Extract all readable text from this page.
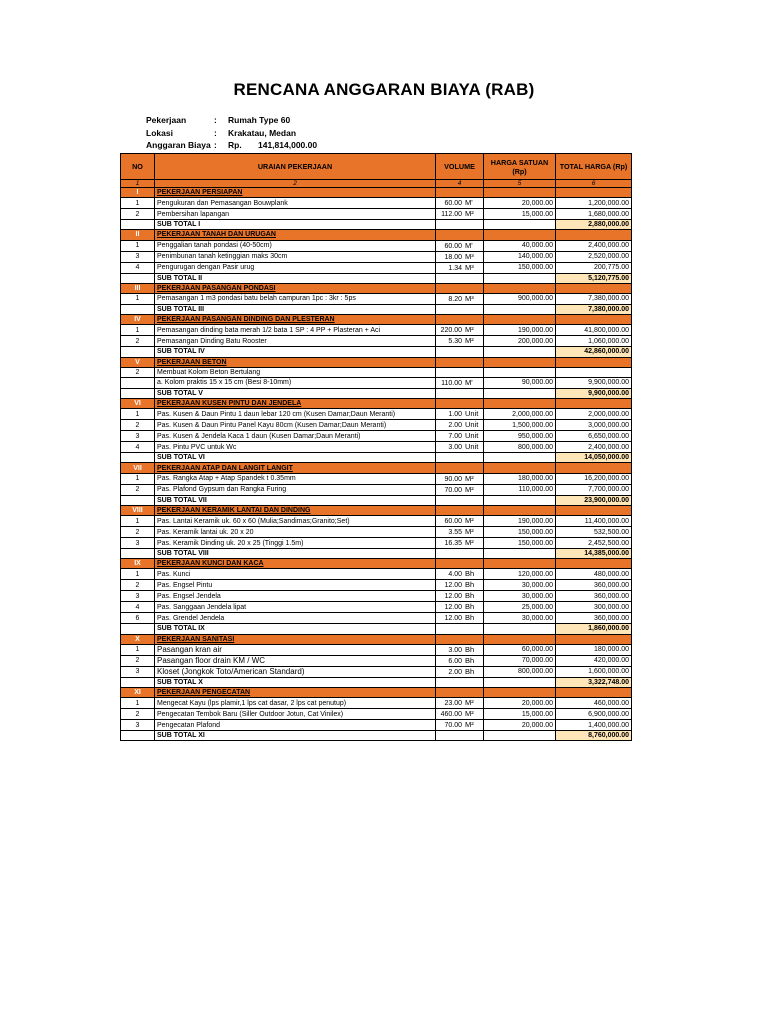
RENCANA ANGGARAN BIAYA (RAB)
Pekerjaan	: Rumah Type 60
Lokasi	: Krakatau, Medan
Anggaran Biaya : Rp. 141,814,000.00
NO	URAIAN PEKERJAAN	VOLUME	HARGA SATUAN (Rp)	TOTAL HARGA (Rp)
1	2	4	5	6
I	PEKERJAAN PERSIAPAN			
1	Pengukuran dan Pemasangan Bouwplank	60.00 M'	20,000.00	1,200,000.00
2	Pembersihan lapangan	112.00 M²	15,000.00	1,680,000.00
	SUB TOTAL I			2,880,000.00
II	PEKERJAAN TANAH DAN URUGAN			
1	Penggalian tanah pondasi (40-50cm)	60.00 M'	40,000.00	2,400,000.00
3	Penimbunan tanah ketinggian maks 30cm	18.00 M³	140,000.00	2,520,000.00
4	Pengurugan dengan Pasir urug	1.34 M³	150,000.00	200,775.00
	SUB TOTAL II			5,120,775.00
III	PEKERJAAN PASANGAN PONDASI			
1	Pemasangan 1 m3 pondasi batu belah campuran 1pc : 3kr : 5ps	8.20 M³	900,000.00	7,380,000.00
	SUB TOTAL III			7,380,000.00
IV	PEKERJAAN PASANGAN DINDING DAN PLESTERAN			
1	Pemasangan dinding bata merah 1/2 bata 1 SP : 4 PP + Plasteran + Aci	220.00 M²	190,000.00	41,800,000.00
2	Pemasangan Dinding Batu Rooster	5.30 M²	200,000.00	1,060,000.00
	SUB TOTAL IV			42,860,000.00
V	PEKERJAAN BETON			
2	Membuat Kolom Beton Bertulang			
	a. Kolom praktis 15 x 15 cm (Besi 8-10mm)	110.00 M'	90,000.00	9,900,000.00
	SUB TOTAL V			9,900,000.00
VI	PEKERJAAN KUSEN PINTU DAN JENDELA			
1	Pas. Kusen & Daun Pintu 1 daun lebar 120 cm (Kusen Damar;Daun Meranti)	1.00 Unit	2,000,000.00	2,000,000.00
2	Pas. Kusen & Daun Pintu Panel Kayu 80cm (Kusen Damar;Daun Meranti)	2.00 Unit	1,500,000.00	3,000,000.00
3	Pas. Kusen & Jendela Kaca 1 daun (Kusen Damar;Daun Meranti)	7.00 Unit	950,000.00	6,650,000.00
4	Pas. Pintu PVC untuk Wc	3.00 Unit	800,000.00	2,400,000.00
	SUB TOTAL VI			14,050,000.00
VII	PEKERJAAN ATAP DAN LANGIT LANGIT			
1	Pas. Rangka Atap + Atap Spandek t 0.35mm	90.00 M²	180,000.00	16,200,000.00
2	Pas. Plafond Gypsum dan Rangka Furing	70.00 M²	110,000.00	7,700,000.00
	SUB TOTAL VII			23,900,000.00
VIII	PEKERJAAN KERAMIK LANTAI DAN DINDING			
1	Pas. Lantai Keramik uk. 60 x 60 (Mulia;Sandimas;Granito;Set)	60.00 M²	190,000.00	11,400,000.00
2	Pas. Keramik lantai uk. 20 x 20	3.55 M²	150,000.00	532,500.00
3	Pas. Keramik Dinding uk. 20 x 25 (Tinggi 1.5m)	16.35 M²	150,000.00	2,452,500.00
	SUB TOTAL VIII			14,385,000.00
IX	PEKERJAAN KUNCI DAN KACA			
1	Pas. Kunci	4.00 Bh	120,000.00	480,000.00
2	Pas. Engsel Pintu	12.00 Bh	30,000.00	360,000.00
3	Pas. Engsel Jendela	12.00 Bh	30,000.00	360,000.00
4	Pas. Sanggaan Jendela lipat	12.00 Bh	25,000.00	300,000.00
6	Pas. Grendel Jendela	12.00 Bh	30,000.00	360,000.00
	SUB TOTAL IX			1,860,000.00
X	PEKERJAAN SANITASI			
1	Pasangan kran air	3.00 Bh	60,000.00	180,000.00
2	Pasangan floor drain KM / WC	6.00 Bh	70,000.00	420,000.00
3	Kloset (Jongkok Toto/American Standard)	2.00 Bh	800,000.00	1,600,000.00
	SUB TOTAL X			3,322,748.00
XI	PEKERJAAN PENGECATAN			
1	Mengecat Kayu (lps plamir,1 lps cat dasar, 2 lps cat penutup)	23.00 M²	20,000.00	460,000.00
2	Pengecatan Tembok Baru (Siller Outdoor Jotun, Cat Vinilex)	460.00 M²	15,000.00	6,900,000.00
3	Pengecatan Plafond	70.00 M²	20,000.00	1,400,000.00
	SUB TOTAL XI			8,760,000.00
